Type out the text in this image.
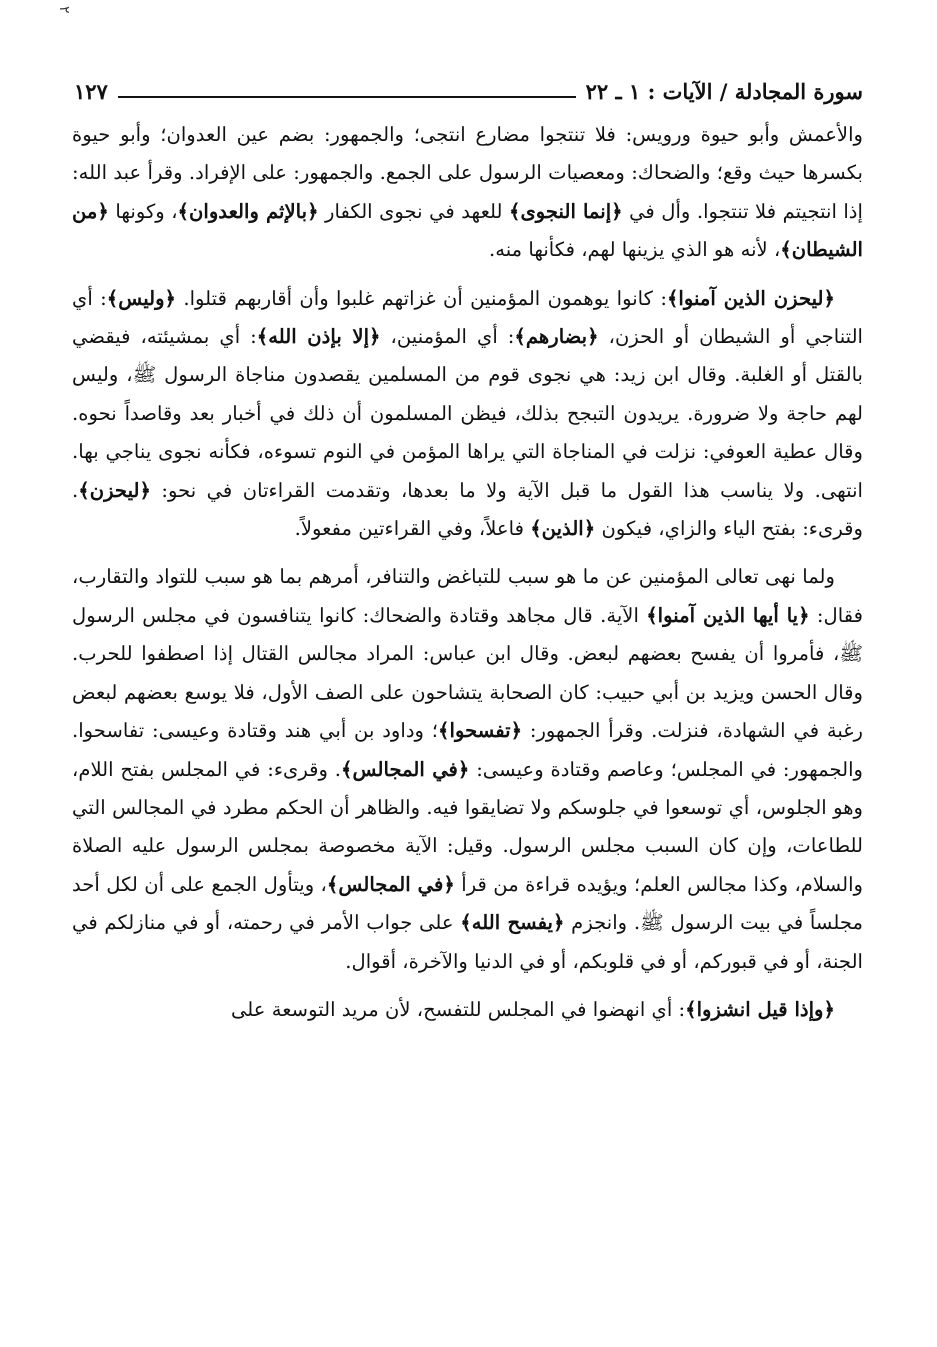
٢
سورة المجادلة / الآيات : ١ ـ ٢٢
١٢٧

والأعمش وأبو حيوة ورويس: فلا تنتجوا مضارع انتجى؛ والجمهور: بضم عين العدوان؛ وأبو حيوة بكسرها حيث وقع؛ والضحاك: ومعصيات الرسول على الجمع. والجمهور: على الإفراد. وقرأ عبد الله: إذا انتجيتم فلا تنتجوا. وأل في ﴿إنما النجوى﴾ للعهد في نجوى الكفار ﴿بالإثم والعدوان﴾، وكونها ﴿من الشيطان﴾، لأنه هو الذي يزينها لهم، فكأنها منه.

﴿ليحزن الذين آمنوا﴾: كانوا يوهمون المؤمنين أن غزاتهم غلبوا وأن أقاربهم قتلوا. ﴿وليس﴾: أي التناجي أو الشيطان أو الحزن، ﴿بضارهم﴾: أي المؤمنين، ﴿إلا بإذن الله﴾: أي بمشيئته، فيقضي بالقتل أو الغلبة. وقال ابن زيد: هي نجوى قوم من المسلمين يقصدون مناجاة الرسول ﷺ، وليس لهم حاجة ولا ضرورة. يريدون التبجح بذلك، فيظن المسلمون أن ذلك في أخبار بعد وقاصداً نحوه. وقال عطية العوفي: نزلت في المناجاة التي يراها المؤمن في النوم تسوءه، فكأنه نجوى يناجي بها. انتهى. ولا يناسب هذا القول ما قبل الآية ولا ما بعدها، وتقدمت القراءتان في نحو: ﴿ليحزن﴾. وقرىء: بفتح الياء والزاي، فيكون ﴿الذين﴾ فاعلاً، وفي القراءتين مفعولاً.

ولما نهى تعالى المؤمنين عن ما هو سبب للتباغض والتنافر، أمرهم بما هو سبب للتواد والتقارب، فقال: ﴿يا أيها الذين آمنوا﴾ الآية. قال مجاهد وقتادة والضحاك: كانوا يتنافسون في مجلس الرسول ﷺ، فأمروا أن يفسح بعضهم لبعض. وقال ابن عباس: المراد مجالس القتال إذا اصطفوا للحرب. وقال الحسن ويزيد بن أبي حبيب: كان الصحابة يتشاحون على الصف الأول، فلا يوسع بعضهم لبعض رغبة في الشهادة، فنزلت. وقرأ الجمهور: ﴿تفسحوا﴾؛ وداود بن أبي هند وقتادة وعيسى: تفاسحوا. والجمهور: في المجلس؛ وعاصم وقتادة وعيسى: ﴿في المجالس﴾. وقرىء: في المجلس بفتح اللام، وهو الجلوس، أي توسعوا في جلوسكم ولا تضايقوا فيه. والظاهر أن الحكم مطرد في المجالس التي للطاعات، وإن كان السبب مجلس الرسول. وقيل: الآية مخصوصة بمجلس الرسول عليه الصلاة والسلام، وكذا مجالس العلم؛ ويؤيده قراءة من قرأ ﴿في المجالس﴾، ويتأول الجمع على أن لكل أحد مجلساً في بيت الرسول ﷺ. وانجزم ﴿يفسح الله﴾ على جواب الأمر في رحمته، أو في منازلكم في الجنة، أو في قبوركم، أو في قلوبكم، أو في الدنيا والآخرة، أقوال.

﴿وإذا قيل انشزوا﴾: أي انهضوا في المجلس للتفسح، لأن مريد التوسعة على
